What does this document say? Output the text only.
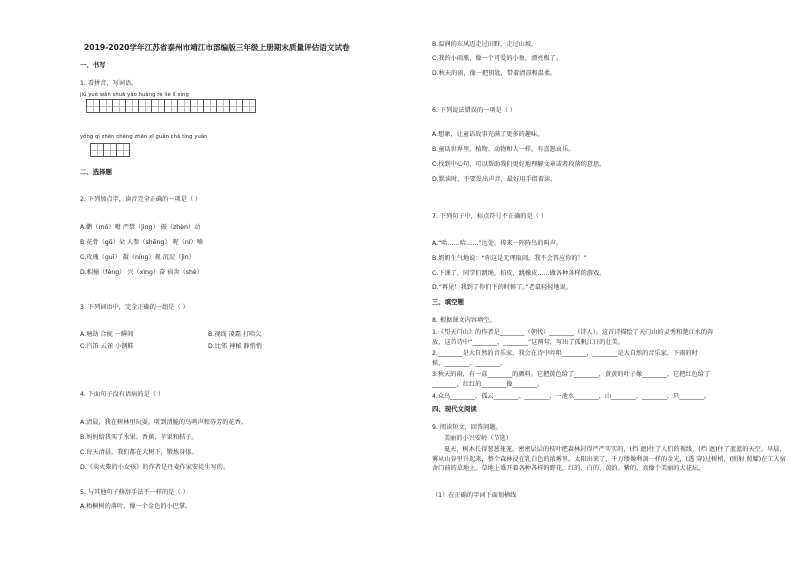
2019-2020学年江苏省泰州市靖江市部编版三年级上册期末质量评估语文试卷
一、书写
1. 看拼音，写词语。
jiǔ yuè wǎn shuā yǎo huàng rè liè lǐ xìng
yǒng qì zhēn chéng zhēn xī guǎn chǎ tíng yuàn
二、选择题
2. 下列加点字，读音完全正确的一项是（ ）
A.鹳（mó）嘹 严禁（jìng） 振（zhèn）动
B.花骨（gǔ）朵 人参（shēng） 呢（ní）喃
C.玫瑰（guī） 凝（níng）视 沉淀（jìn）
D.相撞（fēng） 兴（xìng）奋 宿舍（shè）
3. 下列词语中，完全正确的一组是（ ）
A.塘劫 合拢 一瞬间	B.视线 凌霜 打哈欠
C.汽笛 云雀 小钢鞋	D.比邻 神秘 静悄悄
4. 下面句子没有语病的是（ ）
A.清晨，我在树林里玩耍，听到清脆的鸟鸣声和芬芳的花香。
B.妈妈给我买了水果、香蕉、苹果和桔子。
C.每天清晨，我们都在大树下，锻炼身体。
D.《卖火柴的小女孩》的作者是丹麦作家安徒生写的。
5. 与其他句子修辞手法不一样的是（ ）
A.梧桐树的落叶，像一个金色的小巴掌。
B.温润的东风迈走过田野，走过山坡。
C.我的小雨瓶，像一个可爱的小鱼，漂亮极了。
D.秋天的雨，像一把钥匙，带着清凉和温柔。
6. 下列说法错误的一项是（ ）
A.想象，让童话故事充满了更多的趣味。
B.童话世界里，植物、动物和人一样，有喜怒哀乐。
C.找到中心句，可以帮助我们更好地理解文章或者段落的意思。
D.默读时，不要发出声音，最好用手指着读。
7. 下列句子中，标点符号不正确的是（ ）
A.“哈……哈……”远处，传来一阵阵鸟的叫声。
B.奶奶生气地说：“你这是无理取闹，我不会答应你的！”
C.下课了，同学们跳绳，拍皮，跳橡皮……做各种各样的游戏。
D.“再见！我到了你们下的时候了。”老鼠轻轻地说。
三、填空题
8. 根据课文内容填空。
1.《望天门山》的作者是________（朝代）________（诗人）。这首诗描绘了天门山的灵秀和楚江水的奔
放，这首诗中“________，________”这两句，写出了孤帆江日的壮美。
2.________是大自然的音乐家，我会在诗中吟唱________，________是大自然的音乐家，下雨的时
候，________，________。
3.秋天的雨，有一盒________的颜料。它把黄色给了________，黄黄的叶子像________，它把红色给了
________，红红的________像________。
4.众鸟________，孤云________。________，一池水________，山________，________，只________。
四、现代文阅读
9. 阅读短文，回答问题。
美丽的小兴安岭（节选）
夏天，树木长得葱葱茏茏，密密层层的枝叶把森林封得严严实实的，(挡 遮)住了人们的视线，(挡 遮)住了蓝蓝的天空。早晨，雾从山谷里升起来，整个森林浸在乳白色的浓雾里。太阳出来了，千万缕像利剑一样的金光，(透 穿)过树梢，(照射 照耀)在工人宿舍门前的草地上。草地上盛开着各种各样的野花，红的、白的、黄的、紫的，真像个美丽的大花坛。
（1）在正确的字词下面划横线
